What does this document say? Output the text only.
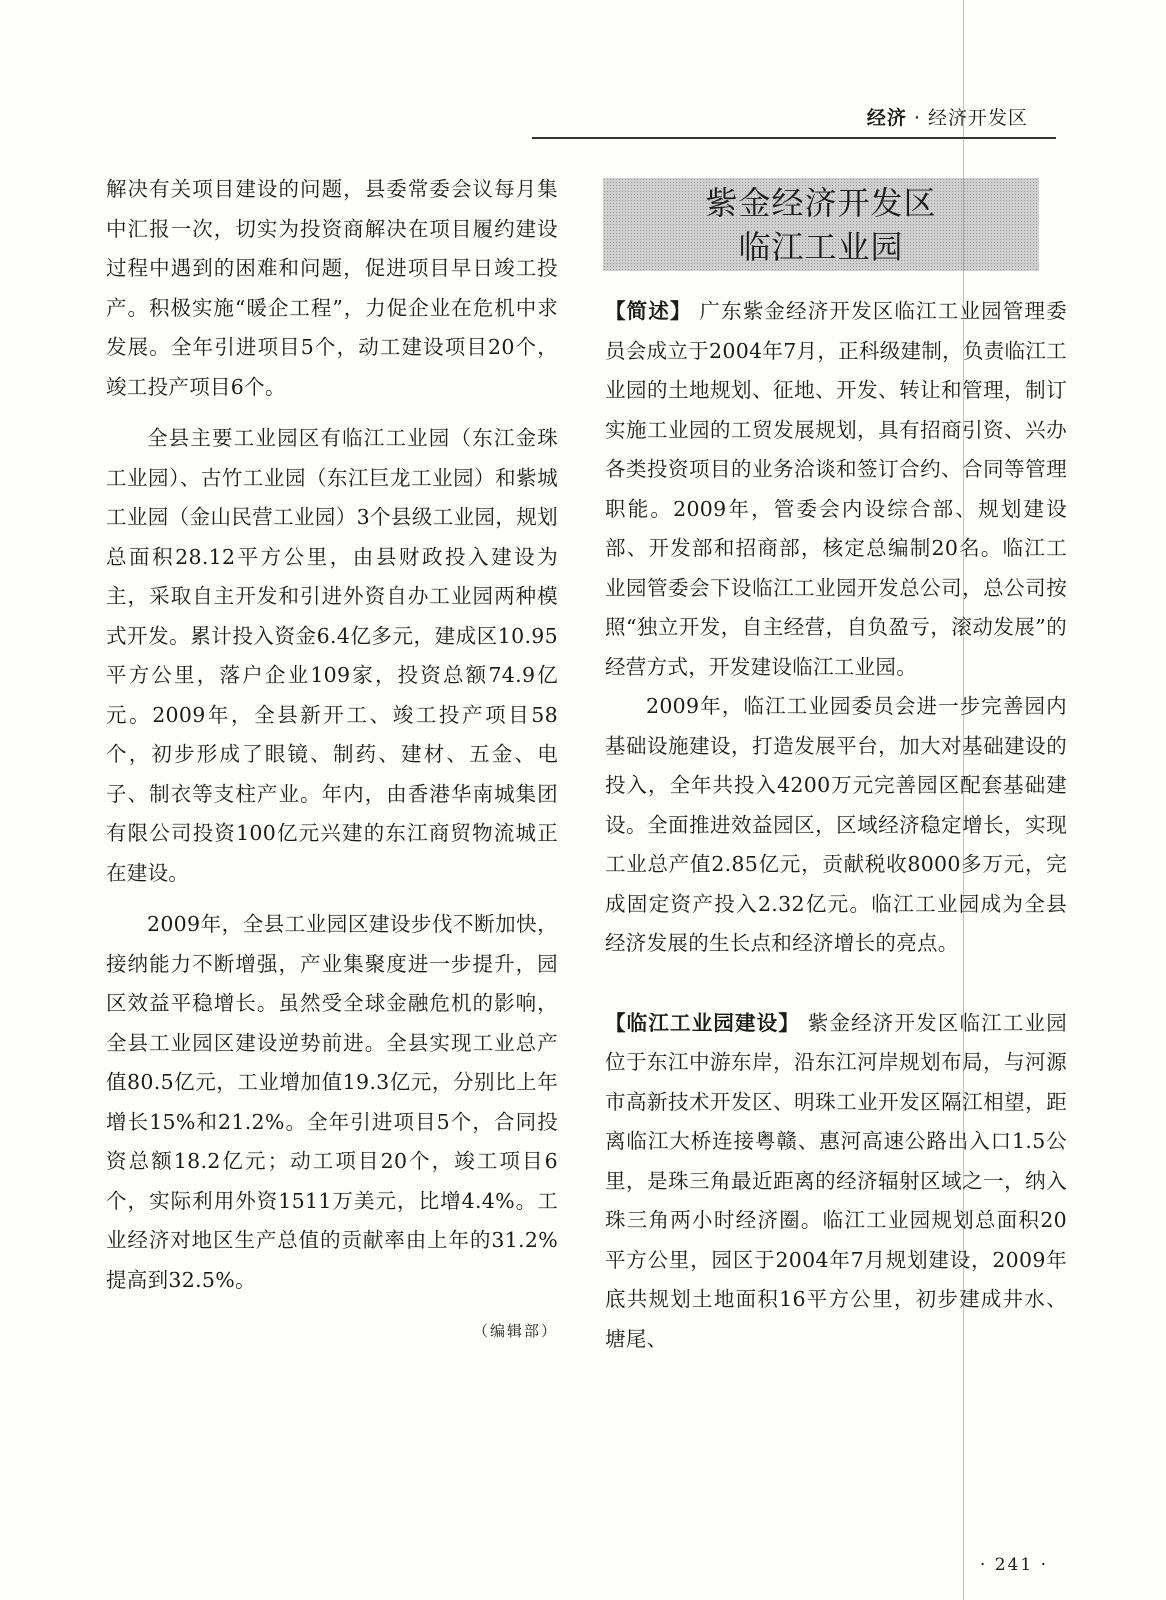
经济 · 经济开发区

解决有关项目建设的问题，县委常委会议每月集中汇报一次，切实为投资商解决在项目履约建设过程中遇到的困难和问题，促进项目早日竣工投产。积极实施“暖企工程”，力促企业在危机中求发展。全年引进项目5个，动工建设项目20个，竣工投产项目6个。

全县主要工业园区有临江工业园（东江金珠工业园）、古竹工业园（东江巨龙工业园）和紫城工业园（金山民营工业园）3个县级工业园，规划总面积28.12平方公里，由县财政投入建设为主，采取自主开发和引进外资自办工业园两种模式开发。累计投入资金6.4亿多元，建成区10.95平方公里，落户企业109家，投资总额74.9亿元。2009年，全县新开工、竣工投产项目58个，初步形成了眼镜、制药、建材、五金、电子、制衣等支柱产业。年内，由香港华南城集团有限公司投资100亿元兴建的东江商贸物流城正在建设。

2009年，全县工业园区建设步伐不断加快，接纳能力不断增强，产业集聚度进一步提升，园区效益平稳增长。虽然受全球金融危机的影响，全县工业园区建设逆势前进。全县实现工业总产值80.5亿元，工业增加值19.3亿元，分别比上年增长15%和21.2%。全年引进项目5个，合同投资总额18.2亿元；动工项目20个，竣工项目6个，实际利用外资1511万美元，比增4.4%。工业经济对地区生产总值的贡献率由上年的31.2%提高到32.5%。

（编辑部）

紫金经济开发区
临江工业园

【简述】 广东紫金经济开发区临江工业园管理委员会成立于2004年7月，正科级建制，负责临江工业园的土地规划、征地、开发、转让和管理，制订实施工业园的工贸发展规划，具有招商引资、兴办各类投资项目的业务洽谈和签订合约、合同等管理职能。2009年，管委会内设综合部、规划建设部、开发部和招商部，核定总编制20名。临江工业园管委会下设临江工业园开发总公司，总公司按照“独立开发，自主经营，自负盈亏，滚动发展”的经营方式，开发建设临江工业园。

2009年，临江工业园委员会进一步完善园内基础设施建设，打造发展平台，加大对基础建设的投入，全年共投入4200万元完善园区配套基础建设。全面推进效益园区，区域经济稳定增长，实现工业总产值2.85亿元，贡献税收8000多万元，完成固定资产投入2.32亿元。临江工业园成为全县经济发展的生长点和经济增长的亮点。

【临江工业园建设】 紫金经济开发区临江工业园位于东江中游东岸，沿东江河岸规划布局，与河源市高新技术开发区、明珠工业开发区隔江相望，距离临江大桥连接粤赣、惠河高速公路出入口1.5公里，是珠三角最近距离的经济辐射区域之一，纳入珠三角两小时经济圈。临江工业园规划总面积20平方公里，园区于2004年7月规划建设，2009年底共规划土地面积16平方公里，初步建成井水、塘尾、

· 241 ·
